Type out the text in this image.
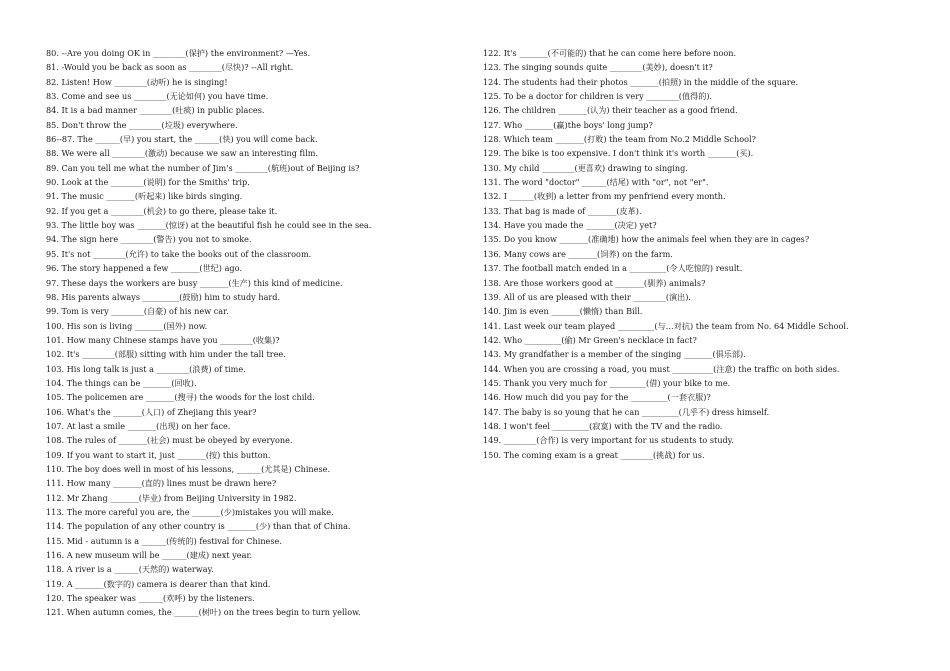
80. --Are you doing OK in ________(保护) the environment? —Yes.
81. -Would you be back as soon as ________(尽快)? --All right.
82. Listen! How ________(动听) he is singing!
83. Come and see us ________(无论如何) you have time.
84. It is a bad manner ________(吐痰) in public places.
85. Don't throw the ________(垃圾) everywhere.
86--87. The ______(早) you start, the ______(快) you will come back.
88. We were all ________(激动) because we saw an interesting film.
89. Can you tell me what the number of Jim's ________(航班)out of Beijing is?
90. Look at the ________(说明) for the Smiths' trip.
91. The music _______(听起来) like birds singing.
92. If you get a ________(机会) to go there, please take it.
93. The little boy was _______(惊讶) at the beautiful fish he could see in the sea.
94. The sign here ________(警告) you not to smoke.
95. It's not ________(允许) to take the books out of the classroom.
96. The story happened a few _______(世纪) ago.
97. These days the workers are busy _______(生产) this kind of medicine.
98. His parents always _________(鼓励) him to study hard.
99. Tom is very ________(自豪) of his new car.
100. His son is living _______(国外) now.
101. How many Chinese stamps have you ________(收集)?
102. It's ________(部服) sitting with him under the tall tree.
103. His long talk is just a ________(浪费) of time.
104. The things can be _______(回收).
105. The policemen are _______(搜寻) the woods for the lost child.
106. What's the _______(人口) of Zhejiang this year?
107. At last a smile _______(出现) on her face.
108. The rules of _______(社会) must be obeyed by everyone.
109. If you want to start it, just _______(按) this button.
110. The boy does well in most of his lessons, ______(尤其是) Chinese.
111. How many _______(直的) lines must be drawn here?
112. Mr Zhang _______(毕业) from Beijing University in 1982.
113. The more careful you are, the _______(少)mistakes you will make.
114. The population of any other country is _______(少) than that of China.
115. Mid - autumn is a ______(传统的) festival for Chinese.
116. A new museum will be ______(建成) next year.
118. A river is a ______(天然的) waterway.
119. A _______(数字的) camera is dearer than that kind.
120. The speaker was ______(欢呼) by the listeners.
121. When autumn comes, the ______(树叶) on the trees begin to turn yellow.
122. It's _______(不可能的) that he can come here before noon.
123. The singing sounds quite ________(美妙), doesn't it?
124. The students had their photos _______(拍照) in the middle of the square.
125. To be a doctor for children is very ________(值得的).
126. The children _______(认为) their teacher as a good friend.
127. Who _______(赢)the boys' long jump?
128. Which team _______(打败) the team from No.2 Middle School?
129. The bike is too expensive. I don't think it's worth _______(买).
130. My child ________(更喜欢) drawing to singing.
131. The word "doctor" ______(结尾) with "or", not "er".
132. I ______(收到) a letter from my penfriend every month.
133. That bag is made of _______(皮革).
134. Have you made the _______(决定) yet?
135. Do you know _______(准确地) how the animals feel when they are in cages?
136. Many cows are _______(饲养) on the farm.
137. The football match ended in a _________(令人吃惊的) result.
138. Are those workers good at _______(驯养) animals?
139. All of us are pleased with their ________(演出).
140. Jim is even _______(懒惰) than Bill.
141. Last week our team played _________(与…对抗) the team from No. 64 Middle School.
142. Who _________(偷) Mr Green's necklace in fact?
143. My grandfather is a member of the singing _______(俱乐部).
144. When you are crossing a road, you must __________(注意) the traffic on both sides.
145. Thank you very much for _________(借) your bike to me.
146. How much did you pay for the _________(一套衣服)?
147. The baby is so young that he can _________(几乎不) dress himself.
148. I won't feel _________(寂寞) with the TV and the radio.
149. ________(合作) is very important for us students to study.
150. The coming exam is a great ________(挑战) for us.
